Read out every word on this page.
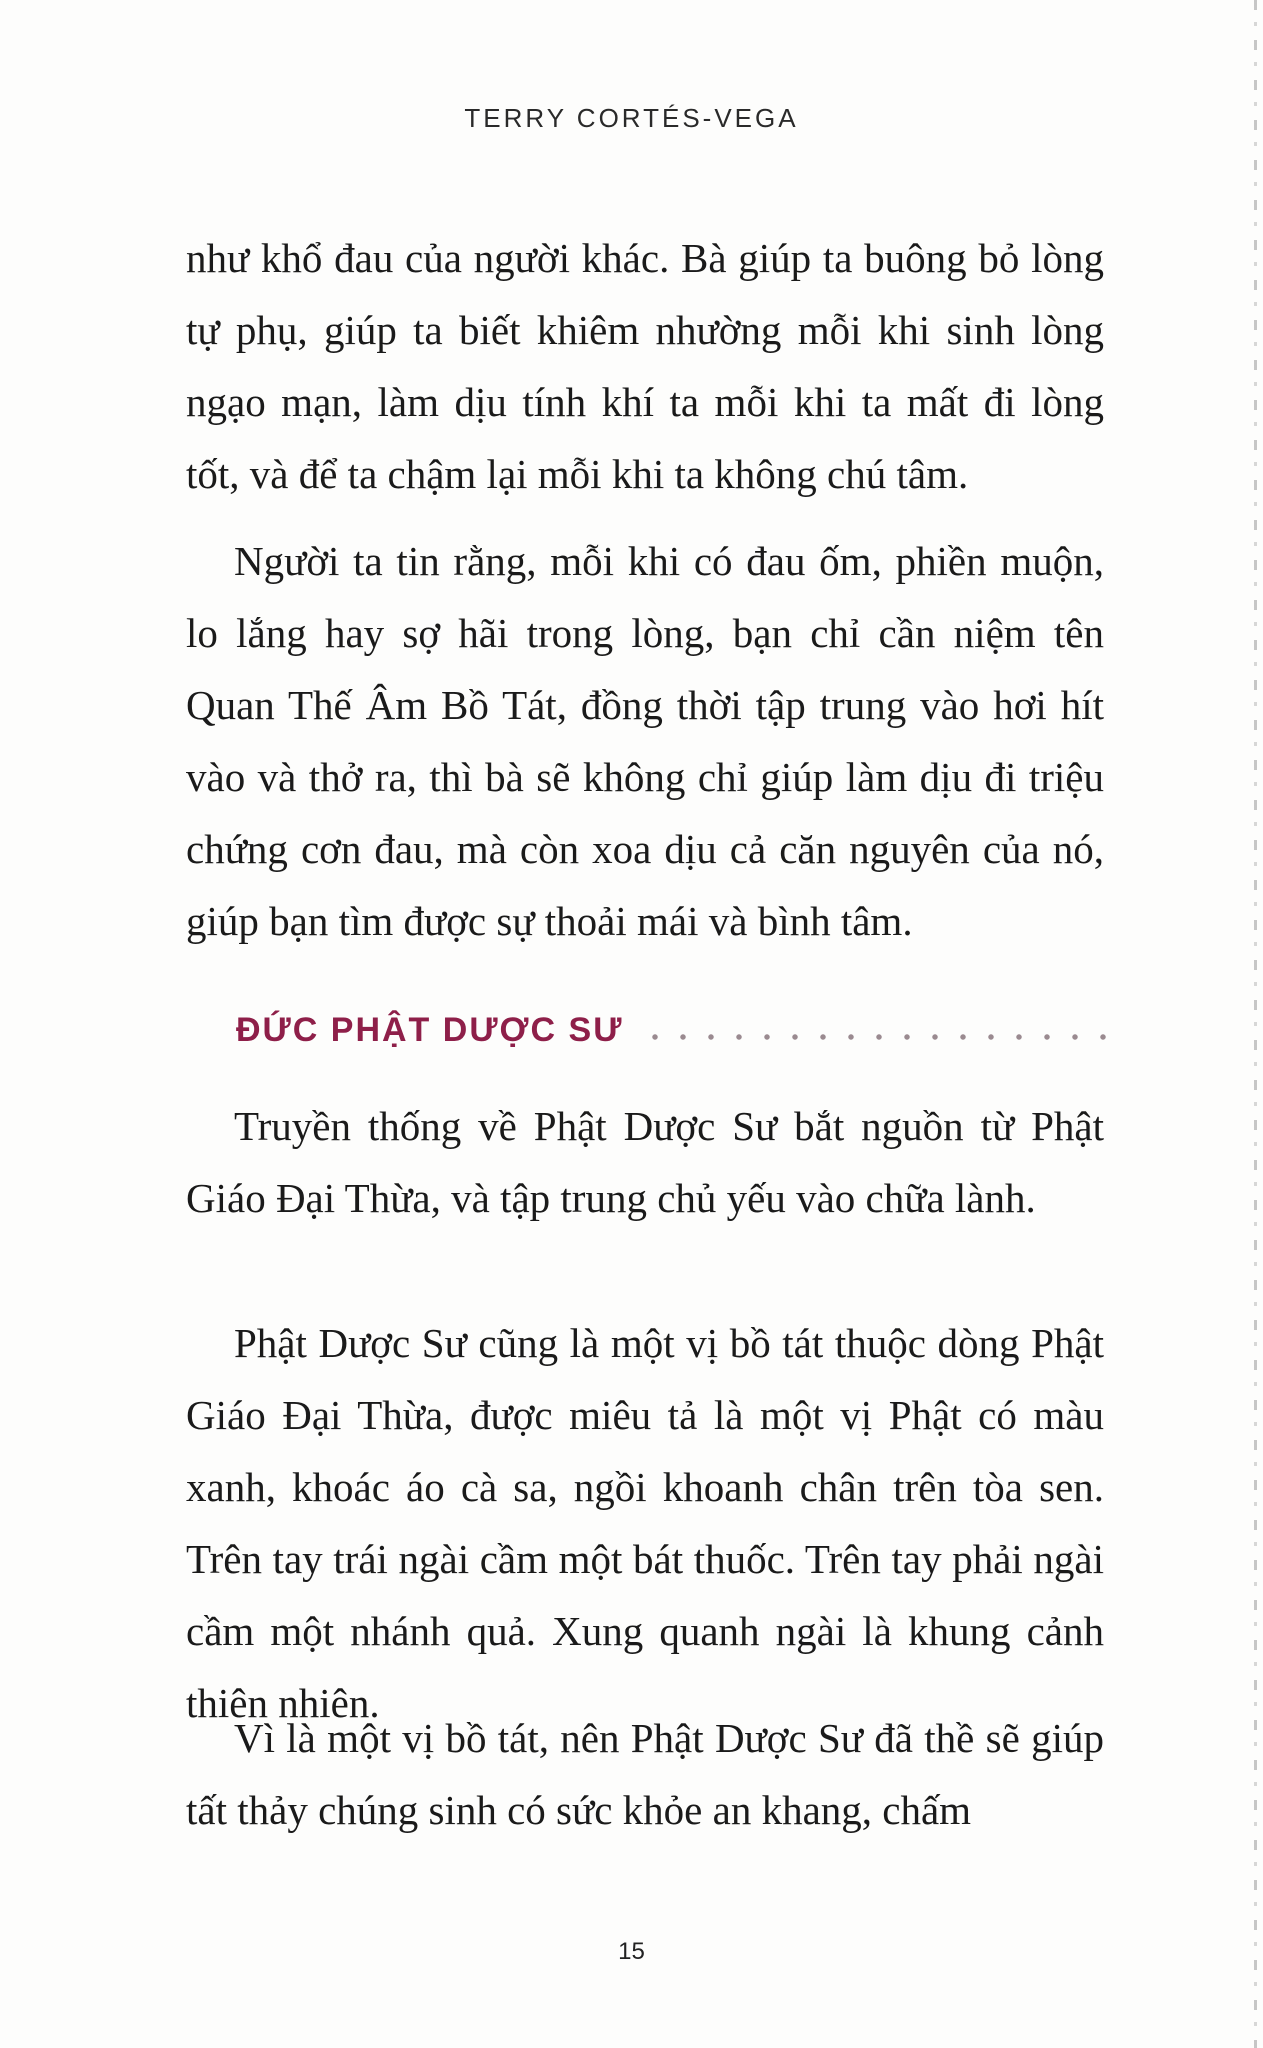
TERRY CORTÉS-VEGA

như khổ đau của người khác. Bà giúp ta buông bỏ lòng tự phụ, giúp ta biết khiêm nhường mỗi khi sinh lòng ngạo mạn, làm dịu tính khí ta mỗi khi ta mất đi lòng tốt, và để ta chậm lại mỗi khi ta không chú tâm.

Người ta tin rằng, mỗi khi có đau ốm, phiền muộn, lo lắng hay sợ hãi trong lòng, bạn chỉ cần niệm tên Quan Thế Âm Bồ Tát, đồng thời tập trung vào hơi hít vào và thở ra, thì bà sẽ không chỉ giúp làm dịu đi triệu chứng cơn đau, mà còn xoa dịu cả căn nguyên của nó, giúp bạn tìm được sự thoải mái và bình tâm.

ĐỨC PHẬT DƯỢC SƯ

Truyền thống về Phật Dược Sư bắt nguồn từ Phật Giáo Đại Thừa, và tập trung chủ yếu vào chữa lành.

Phật Dược Sư cũng là một vị bồ tát thuộc dòng Phật Giáo Đại Thừa, được miêu tả là một vị Phật có màu xanh, khoác áo cà sa, ngồi khoanh chân trên tòa sen. Trên tay trái ngài cầm một bát thuốc. Trên tay phải ngài cầm một nhánh quả. Xung quanh ngài là khung cảnh thiên nhiên.

Vì là một vị bồ tát, nên Phật Dược Sư đã thề sẽ giúp tất thảy chúng sinh có sức khỏe an khang, chấm

15
